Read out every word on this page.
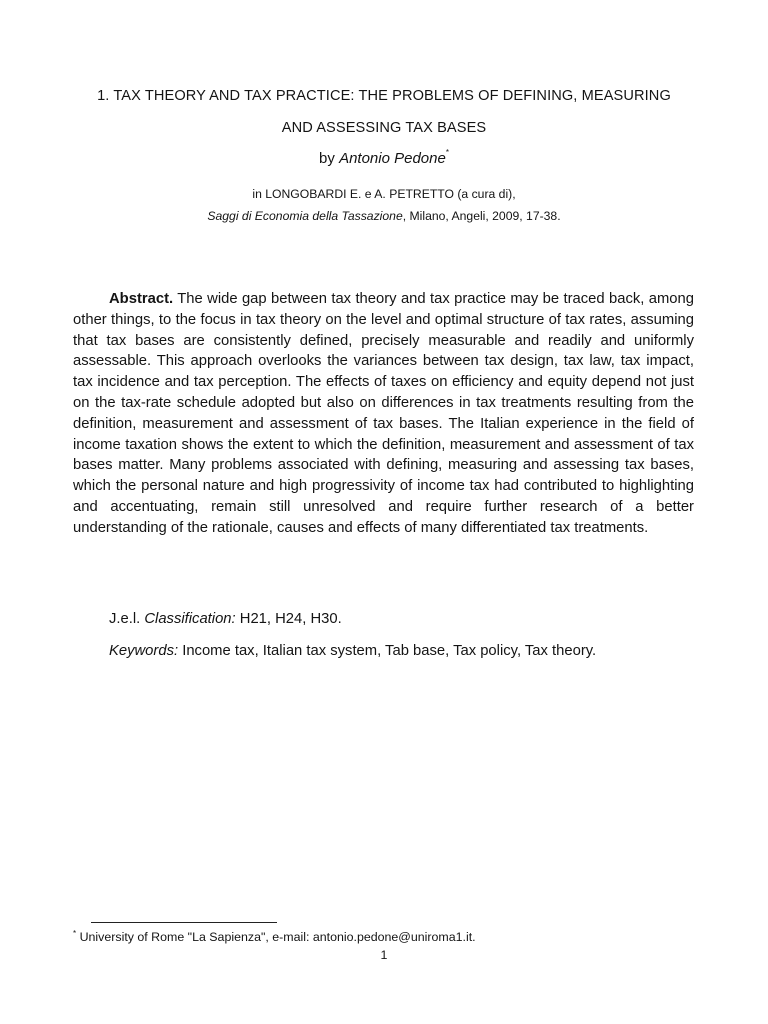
1. TAX THEORY AND TAX PRACTICE: THE PROBLEMS OF DEFINING, MEASURING
AND ASSESSING TAX BASES
by Antonio Pedone*
in LONGOBARDI E. e A. PETRETTO (a cura di),
Saggi di Economia della Tassazione, Milano, Angeli, 2009, 17-38.
Abstract. The wide gap between tax theory and tax practice may be traced back, among other things, to the focus in tax theory on the level and optimal structure of tax rates, assuming that tax bases are consistently defined, precisely measurable and readily and uniformly assessable. This approach overlooks the variances between tax design, tax law, tax impact, tax incidence and tax perception. The effects of taxes on efficiency and equity depend not just on the tax-rate schedule adopted but also on differences in tax treatments resulting from the definition, measurement and assessment of tax bases. The Italian experience in the field of income taxation shows the extent to which the definition, measurement and assessment of tax bases matter. Many problems associated with defining, measuring and assessing tax bases, which the personal nature and high progressivity of income tax had contributed to highlighting and accentuating, remain still unresolved and require further research of a better understanding of the rationale, causes and effects of many differentiated tax treatments.
J.e.l. Classification: H21, H24, H30.
Keywords: Income tax, Italian tax system, Tab base, Tax policy, Tax theory.
* University of Rome "La Sapienza", e-mail: antonio.pedone@uniroma1.it.
1
